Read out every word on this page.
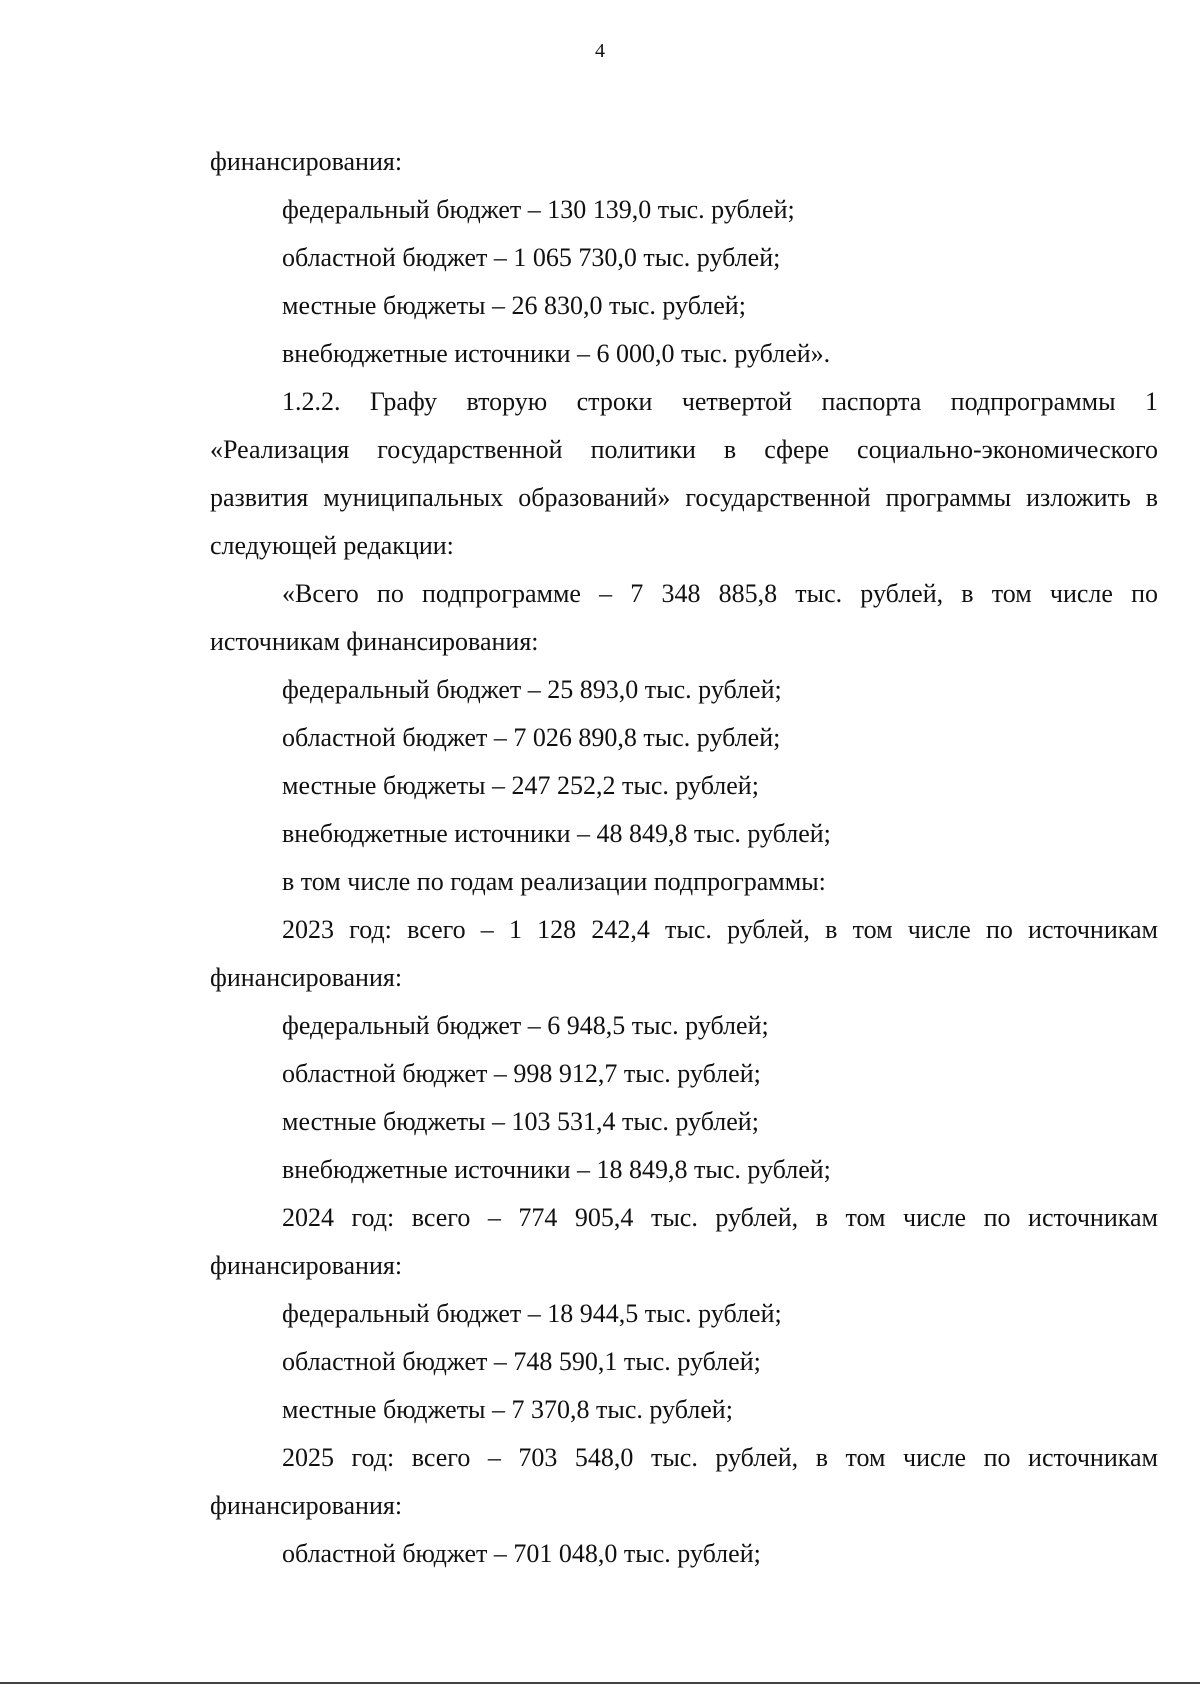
4
финансирования:
федеральный бюджет – 130 139,0 тыс. рублей;
областной бюджет – 1 065 730,0 тыс. рублей;
местные бюджеты – 26 830,0 тыс. рублей;
внебюджетные источники – 6 000,0 тыс. рублей».
1.2.2. Графу вторую строки четвертой паспорта подпрограммы 1
«Реализация государственной политики в сфере социально-экономического
развития муниципальных образований» государственной программы изложить в
следующей редакции:
«Всего по подпрограмме – 7 348 885,8 тыс. рублей, в том числе по
источникам финансирования:
федеральный бюджет – 25 893,0 тыс. рублей;
областной бюджет – 7 026 890,8 тыс. рублей;
местные бюджеты – 247 252,2 тыс. рублей;
внебюджетные источники – 48 849,8 тыс. рублей;
в том числе по годам реализации подпрограммы:
2023 год: всего – 1 128 242,4 тыс. рублей, в том числе по источникам
финансирования:
федеральный бюджет – 6 948,5 тыс. рублей;
областной бюджет – 998 912,7 тыс. рублей;
местные бюджеты – 103 531,4 тыс. рублей;
внебюджетные источники – 18 849,8 тыс. рублей;
2024 год: всего – 774 905,4 тыс. рублей, в том числе по источникам
финансирования:
федеральный бюджет – 18 944,5 тыс. рублей;
областной бюджет – 748 590,1 тыс. рублей;
местные бюджеты – 7 370,8 тыс. рублей;
2025 год: всего – 703 548,0 тыс. рублей, в том числе по источникам
финансирования:
областной бюджет – 701 048,0 тыс. рублей;
